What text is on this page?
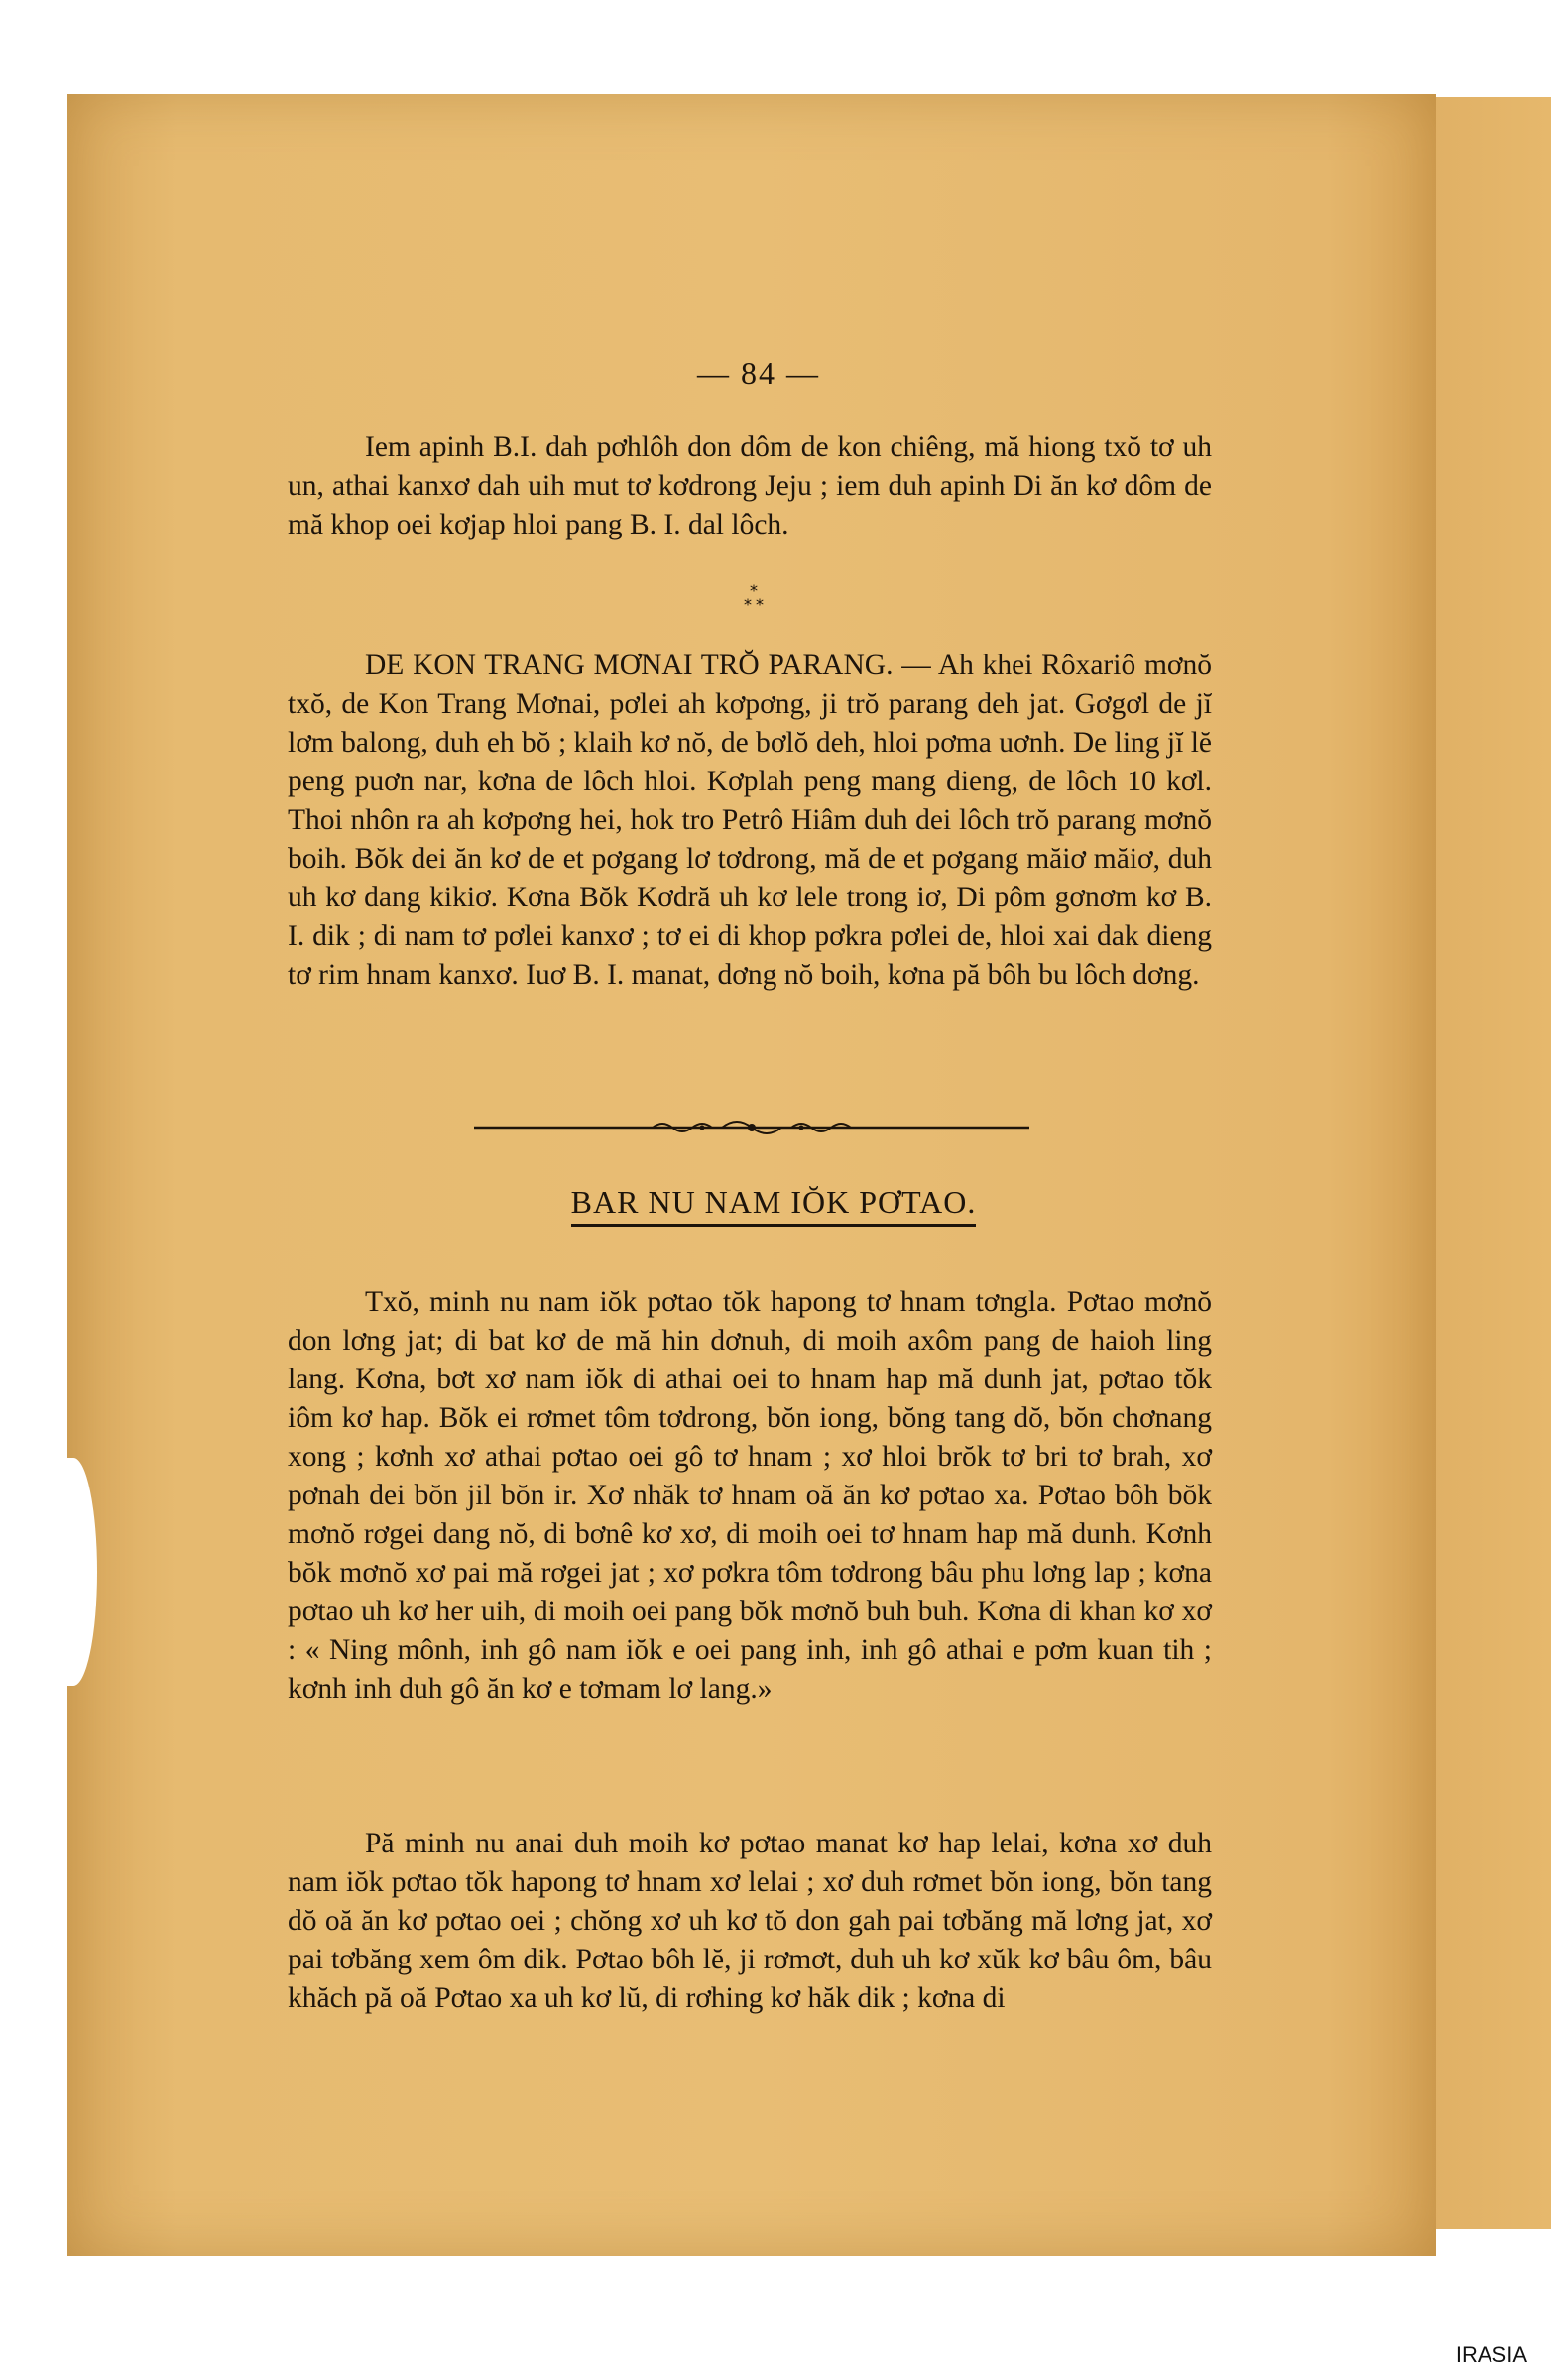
— 84 —

Iem apinh B.I. dah pơhlôh don dôm de kon chiêng, mă hiong txŏ tơ uh un, athai kanxơ dah uih mut tơ kơdrong Jeju ; iem duh apinh Di ăn kơ dôm de mă khop oei kơjap hloi pang B. I. dal lôch.

⁎
⁎ ⁎

DE KON TRANG MƠNAI TRŎ PARANG. — Ah khei Rôxariô mơnŏ txŏ, de Kon Trang Mơnai, pơlei ah kơpơng, ji trŏ parang deh jat. Gơgơl de jĭ lơm balong, duh eh bŏ ; klaih kơ nŏ, de bơlŏ deh, hloi pơma uơnh. De ling jĭ lĕ peng puơn nar, kơna de lôch hloi. Kơplah peng mang dieng, de lôch 10 kơl. Thoi nhôn ra ah kơpơng hei, hok tro Petrô Hiâm duh dei lôch trŏ parang mơnŏ boih. Bŏk dei ăn kơ de et pơgang lơ tơdrong, mă de et pơgang măiơ măiơ, duh uh kơ dang kikiơ. Kơna Bŏk Kơdră uh kơ lele trong iơ, Di pôm gơnơm kơ B. I. dik ; di nam tơ pơlei kanxơ ; tơ ei di khop pơkra pơlei de, hloi xai dak dieng tơ rim hnam kanxơ. Iuơ B. I. manat, dơng nŏ boih, kơna pă bôh bu lôch dơng.

BAR NU NAM IŎK PƠTAO.

Txŏ, minh nu nam iŏk pơtao tŏk hapong tơ hnam tơngla. Pơtao mơnŏ don lơng jat; di bat kơ de mă hin dơnuh, di moih axôm pang de haioh ling lang. Kơna, bơt xơ nam iŏk di athai oei to hnam hap mă dunh jat, pơtao tŏk iôm kơ hap. Bŏk ei rơmet tôm tơdrong, bŏn iong, bŏng tang dŏ, bŏn chơnang xong ; kơnh xơ athai pơtao oei gô tơ hnam ; xơ hloi brŏk tơ bri tơ brah, xơ pơnah dei bŏn jil bŏn ir. Xơ nhăk tơ hnam oă ăn kơ pơtao xa. Pơtao bôh bŏk mơnŏ rơgei dang nŏ, di bơnê kơ xơ, di moih oei tơ hnam hap mă dunh. Kơnh bŏk mơnŏ xơ pai mă rơgei jat ; xơ pơkra tôm tơdrong bâu phu lơng lap ; kơna pơtao uh kơ her uih, di moih oei pang bŏk mơnŏ buh buh. Kơna di khan kơ xơ : « Ning mônh, inh gô nam iŏk e oei pang inh, inh gô athai e pơm kuan tih ; kơnh inh duh gô ăn kơ e tơmam lơ lang.»

Pă minh nu anai duh moih kơ pơtao manat kơ hap lelai, kơna xơ duh nam iŏk pơtao tŏk hapong tơ hnam xơ lelai ; xơ duh rơmet bŏn iong, bŏn tang dŏ oă ăn kơ pơtao oei ; chŏng xơ uh kơ tŏ don gah pai tơbăng mă lơng jat, xơ pai tơbăng xem ôm dik. Pơtao bôh lĕ, ji rơmơt, duh uh kơ xŭk kơ bâu ôm, bâu khăch pă oă Pơtao xa uh kơ lŭ, di rơhing kơ hăk dik ; kơna di

IRASIA
